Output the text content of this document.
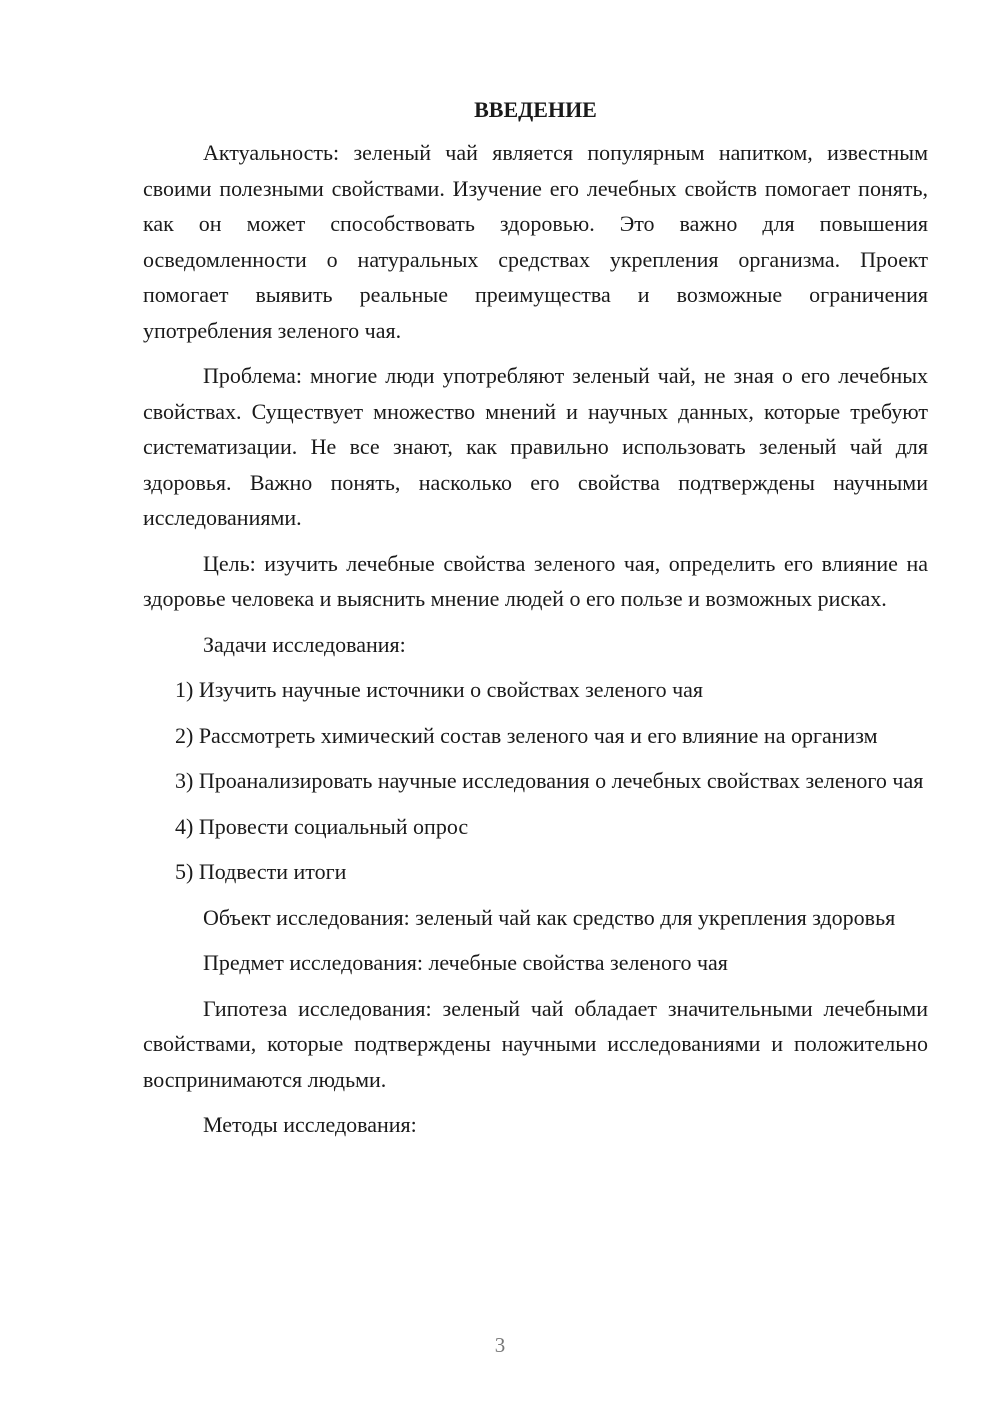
ВВЕДЕНИЕ

Актуальность: зеленый чай является популярным напитком, известным своими полезными свойствами. Изучение его лечебных свойств помогает понять, как он может способствовать здоровью. Это важно для повышения осведомленности о натуральных средствах укрепления организма. Проект помогает выявить реальные преимущества и возможные ограничения употребления зеленого чая.

Проблема: многие люди употребляют зеленый чай, не зная о его лечебных свойствах. Существует множество мнений и научных данных, которые требуют систематизации. Не все знают, как правильно использовать зеленый чай для здоровья. Важно понять, насколько его свойства подтверждены научными исследованиями.

Цель: изучить лечебные свойства зеленого чая, определить его влияние на здоровье человека и выяснить мнение людей о его пользе и возможных рисках.

Задачи исследования:

1) Изучить научные источники о свойствах зеленого чая

2) Рассмотреть химический состав зеленого чая и его влияние на организм

3) Проанализировать научные исследования о лечебных свойствах зеленого чая

4) Провести социальный опрос

5) Подвести итоги

Объект исследования: зеленый чай как средство для укрепления здоровья

Предмет исследования: лечебные свойства зеленого чая

Гипотеза исследования: зеленый чай обладает значительными лечебными свойствами, которые подтверждены научными исследованиями и положительно воспринимаются людьми.

Методы исследования:

3
